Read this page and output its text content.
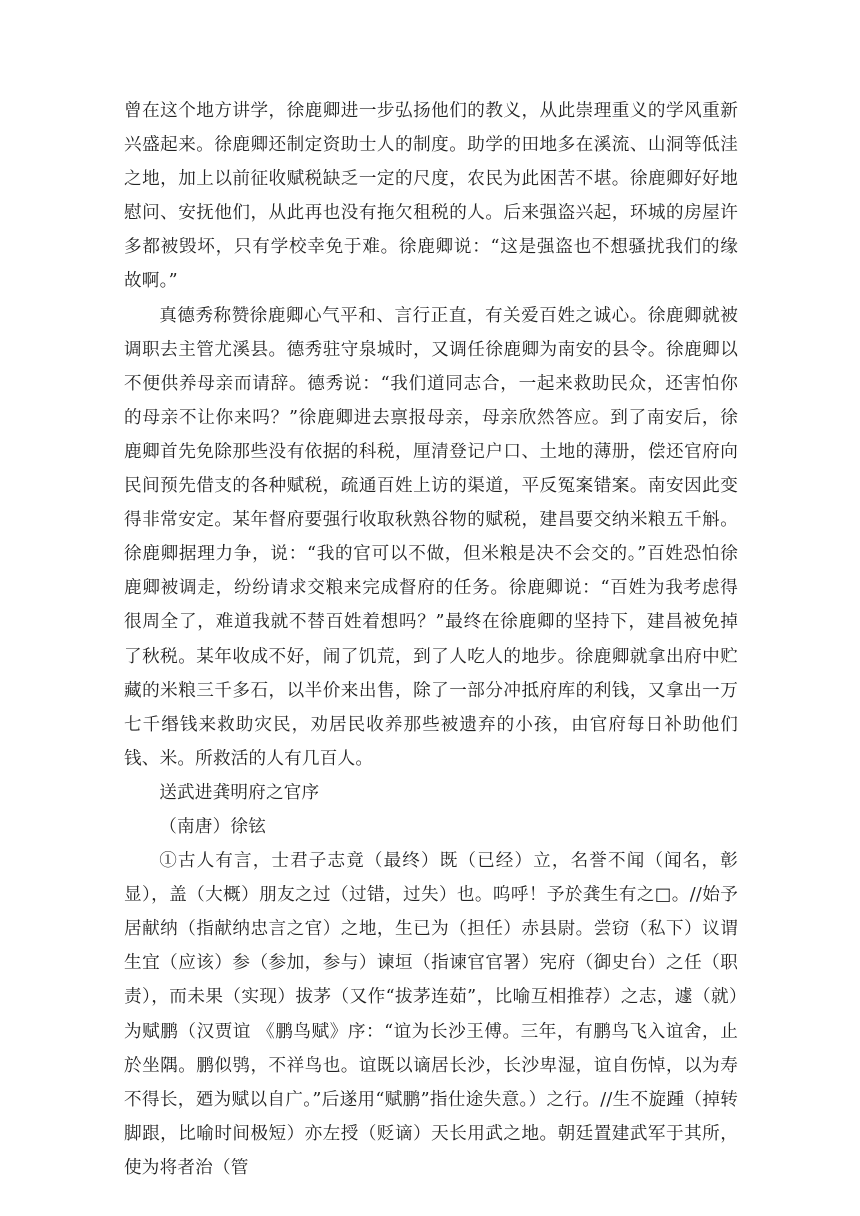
曾在这个地方讲学，徐鹿卿进一步弘扬他们的教义，从此崇理重义的学风重新兴盛起来。徐鹿卿还制定资助士人的制度。助学的田地多在溪流、山洞等低洼之地，加上以前征收赋税缺乏一定的尺度，农民为此困苦不堪。徐鹿卿好好地慰问、安抚他们，从此再也没有拖欠租税的人。后来强盗兴起，环城的房屋许多都被毁坏，只有学校幸免于难。徐鹿卿说：“这是强盗也不想骚扰我们的缘故啊。”

真德秀称赞徐鹿卿心气平和、言行正直，有关爱百姓之诚心。徐鹿卿就被调职去主管尤溪县。德秀驻守泉城时，又调任徐鹿卿为南安的县令。徐鹿卿以不便供养母亲而请辞。德秀说：“我们道同志合，一起来救助民众，还害怕你的母亲不让你来吗？”徐鹿卿进去禀报母亲，母亲欣然答应。到了南安后，徐鹿卿首先免除那些没有依据的科税，厘清登记户口、土地的薄册，偿还官府向民间预先借支的各种赋税，疏通百姓上访的渠道，平反冤案错案。南安因此变得非常安定。某年督府要强行收取秋熟谷物的赋税，建昌要交纳米粮五千斛。徐鹿卿据理力争，说：“我的官可以不做，但米粮是决不会交的。”百姓恐怕徐鹿卿被调走，纷纷请求交粮来完成督府的任务。徐鹿卿说：“百姓为我考虑得很周全了，难道我就不替百姓着想吗？”最终在徐鹿卿的坚持下，建昌被免掉了秋税。某年收成不好，闹了饥荒，到了人吃人的地步。徐鹿卿就拿出府中贮藏的米粮三千多石，以半价来出售，除了一部分冲抵府库的利钱，又拿出一万七千缗钱来救助灾民，劝居民收养那些被遗弃的小孩，由官府每日补助他们钱、米。所救活的人有几百人。

送武进龚明府之官序

（南唐）徐铉

①古人有言，士君子志竟（最终）既（已经）立，名誉不闻（闻名，彰显），盖（大概）朋友之过（过错，过失）也。呜呼！予於龚生有之□。//始予居献纳（指献纳忠言之官）之地，生已为（担任）赤县尉。尝窃（私下）议谓生宜（应该）参（参加，参与）谏垣（指谏官官署）宪府（御史台）之任（职责），而未果（实现）拔茅（又作“拔茅连茹”，比喻互相推荐）之志，遽（就）为赋鹏（汉贾谊 《鹏鸟赋》序：“谊为长沙王傅。三年，有鹏鸟飞入谊舍，止於坐隅。鹏似鸮，不祥鸟也。谊既以谪居长沙，长沙卑湿，谊自伤悼，以为寿不得长，廼为赋以自广。”后遂用“赋鹏”指仕途失意。）之行。//生不旋踵（掉转脚跟，比喻时间极短）亦左授（贬谪）天长用武之地。朝廷置建武军于其所，使为将者治（管
